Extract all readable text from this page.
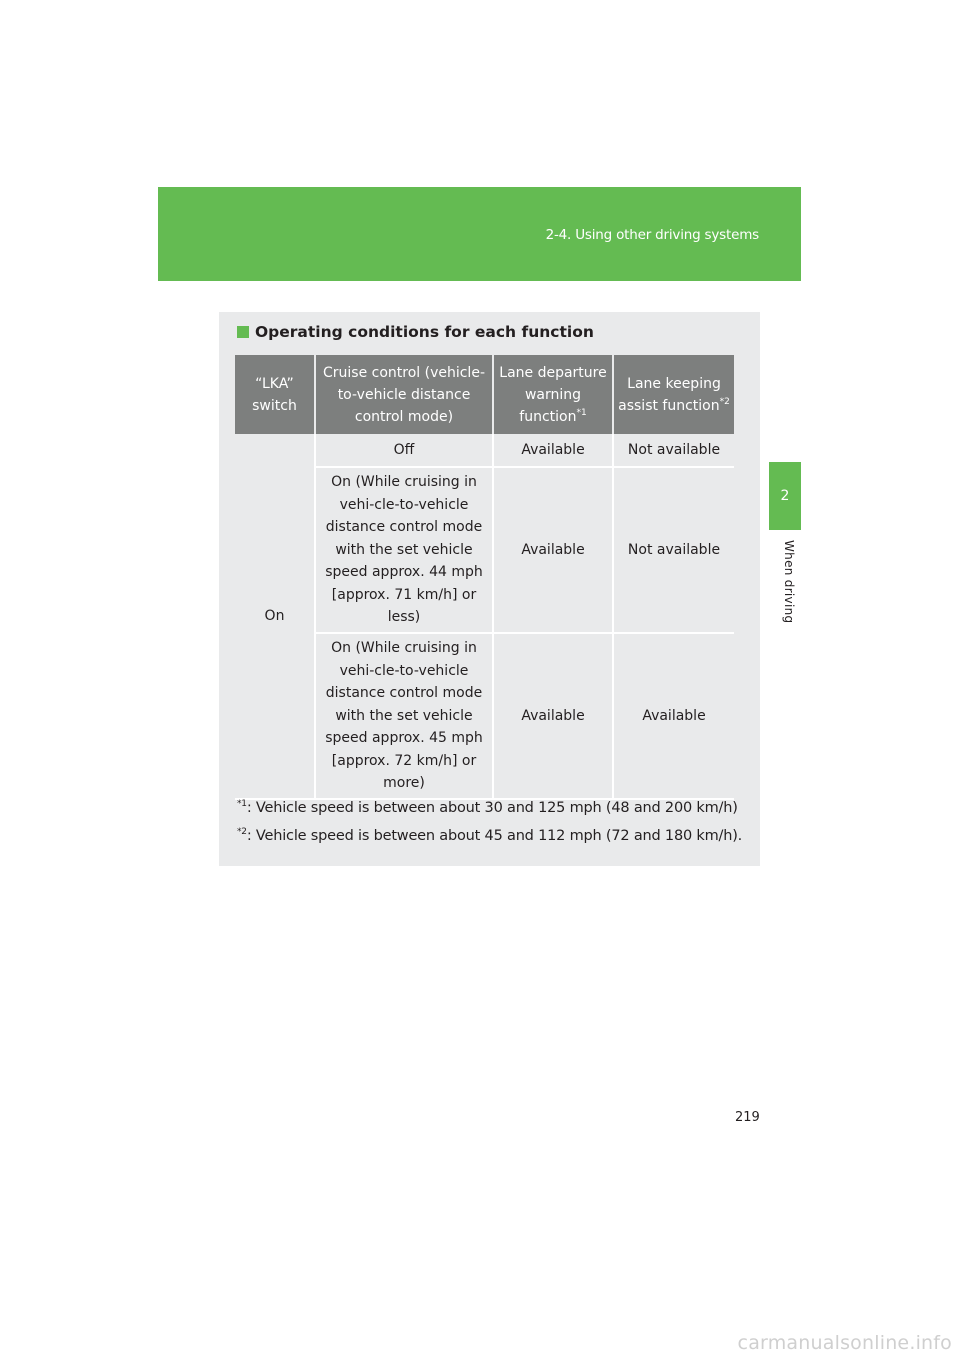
2-4. Using other driving systems
2
When driving
Operating conditions for each function
“LKA” switch	Cruise control (vehicle-to-vehicle distance control mode)	Lane departure warning function$^{*1}$	Lane keeping assist function$^{*2}$
On	Off	Available	Not available
	On (While cruising in vehi-cle-to-vehicle distance control mode with the set vehicle speed approx. 44 mph [approx. 71 km/h] or less)	Available	Not available
	On (While cruising in vehi-cle-to-vehicle distance control mode with the set vehicle speed approx. 45 mph [approx. 72 km/h] or more)	Available	Available
$^{*1}$: Vehicle speed is between about 30 and 125 mph (48 and 200 km/h)
$^{*2}$: Vehicle speed is between about 45 and 112 mph (72 and 180 km/h).
219
carmanualsonline.info
